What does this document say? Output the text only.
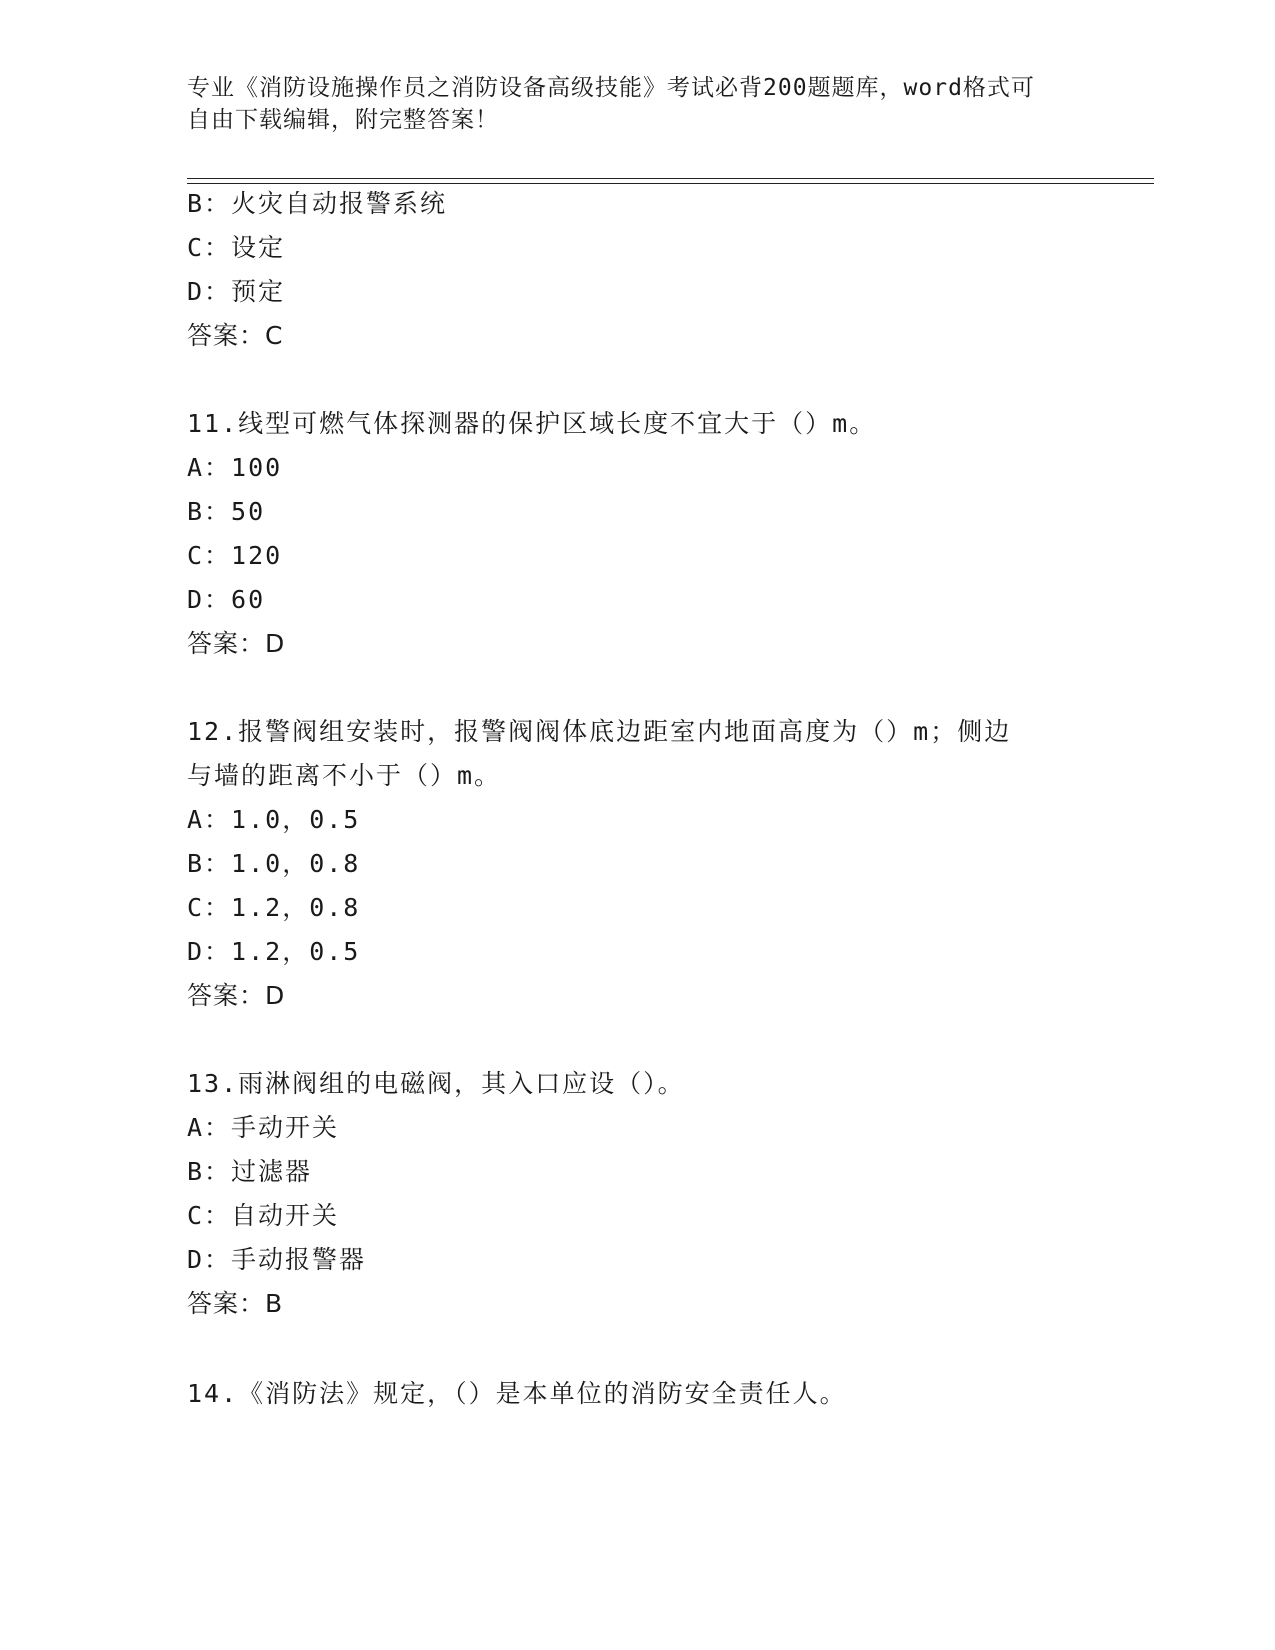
专业《消防设施操作员之消防设备高级技能》考试必背200题题库，word格式可
自由下载编辑，附完整答案！
B：火灾自动报警系统
C：设定
D：预定
答案：C
11.线型可燃气体探测器的保护区域长度不宜大于（）m。
A：100
B：50
C：120
D：60
答案：D
12.报警阀组安装时，报警阀阀体底边距室内地面高度为（）m；侧边
与墙的距离不小于（）m。
A：1.0，0.5
B：1.0，0.8
C：1.2，0.8
D：1.2，0.5
答案：D
13.雨淋阀组的电磁阀，其入口应设（）。
A：手动开关
B：过滤器
C：自动开关
D：手动报警器
答案：B
14.《消防法》规定，（）是本单位的消防安全责任人。
